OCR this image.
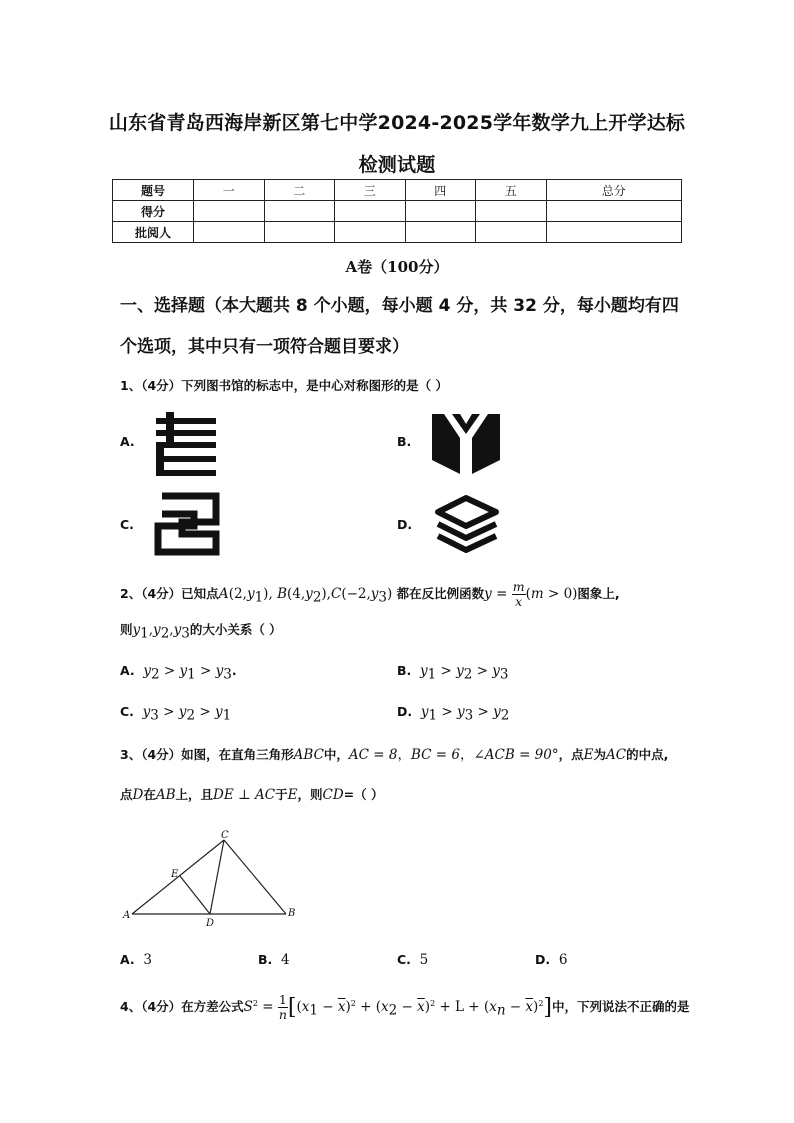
山东省青岛西海岸新区第七中学2024-2025学年数学九上开学达标
检测试题
题号	一	二	三	四	五	总分
得分						
批阅人						
A卷（100分）
一、选择题（本大题共 8 个小题，每小题 4 分，共 32 分，每小题均有四个选项，其中只有一项符合题目要求）
1、（4分）下列图书馆的标志中，是中心对称图形的是（ ）
A.	B.
C.	D.
2、（4分）已知点$A(2,y_1)$, $B(4,y_2),C(-2,y_3)$ 都在反比例函数$y = \frac{m}{x} (m > 0)$图象上,
则$y_1,y_2,y_3$的大小关系（ ）
A. $y_2 > y_1 > y_3$.	B. $y_1 > y_2 > y_3$
C. $y_3 > y_2 > y_1$	D. $y_1 > y_3 > y_2$
3、（4分）如图，在直角三角形ABC中，AC = 8，BC = 6，∠ACB = 90°，点E为AC的中点,
点D在AB上，且DE ⊥ AC于E，则CD=（ ）
A	B
C
D
E
A. 3	B. 4	C. 5	D. 6
4、（4分）在方差公式$S^2 = \frac{1}{n} [(x_1 - \overline{x})^2 + (x_2 - \overline{x})^2 + L + (x_n - \overline{x})^2]$中，下列说法不正确的是
